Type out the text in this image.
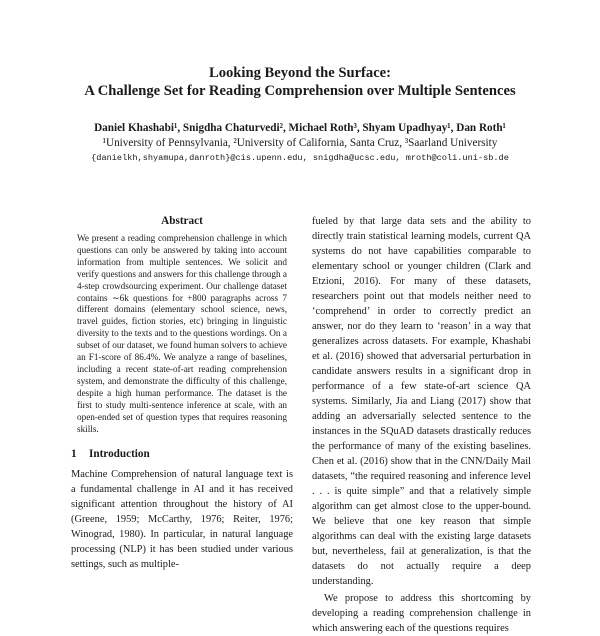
Looking Beyond the Surface:
A Challenge Set for Reading Comprehension over Multiple Sentences
Daniel Khashabi¹, Snigdha Chaturvedi², Michael Roth³, Shyam Upadhyay¹, Dan Roth¹
¹University of Pennsylvania, ²University of California, Santa Cruz, ³Saarland University
{danielkh,shyamupa,danroth}@cis.upenn.edu, snigdha@ucsc.edu, mroth@coli.uni-sb.de
Abstract

We present a reading comprehension challenge in which questions can only be answered by taking into account information from multiple sentences. We solicit and verify questions and answers for this challenge through a 4-step crowdsourcing experiment. Our challenge dataset contains ∼6k questions for +800 paragraphs across 7 different domains (elementary school science, news, travel guides, fiction stories, etc) bringing in linguistic diversity to the texts and to the questions wordings. On a subset of our dataset, we found human solvers to achieve an F1-score of 86.4%. We analyze a range of baselines, including a recent state-of-art reading comprehension system, and demonstrate the difficulty of this challenge, despite a high human performance. The dataset is the first to study multi-sentence inference at scale, with an open-ended set of question types that requires reasoning skills.

1 Introduction

Machine Comprehension of natural language text is a fundamental challenge in AI and it has received significant attention throughout the history of AI (Greene, 1959; McCarthy, 1976; Reiter, 1976; Winograd, 1980). In particular, in natural language processing (NLP) it has been studied under various settings, such as multiple-

fueled by that large data sets and the ability to directly train statistical learning models, current QA systems do not have capabilities comparable to elementary school or younger children (Clark and Etzioni, 2016). For many of these datasets, researchers point out that models neither need to ‘comprehend’ in order to correctly predict an answer, nor do they learn to ‘reason’ in a way that generalizes across datasets. For example, Khashabi et al. (2016) showed that adversarial perturbation in candidate answers results in a significant drop in performance of a few state-of-art science QA systems. Similarly, Jia and Liang (2017) show that adding an adversarially selected sentence to the instances in the SQuAD datasets drastically reduces the performance of many of the existing baselines. Chen et al. (2016) show that in the CNN/Daily Mail datasets, “the required reasoning and inference level . . . is quite simple” and that a relatively simple algorithm can get almost close to the upper-bound. We believe that one key reason that simple algorithms can deal with the existing large datasets but, nevertheless, fail at generalization, is that the datasets do not actually require a deep understanding.

We propose to address this shortcoming by developing a reading comprehension challenge in which answering each of the questions requires
